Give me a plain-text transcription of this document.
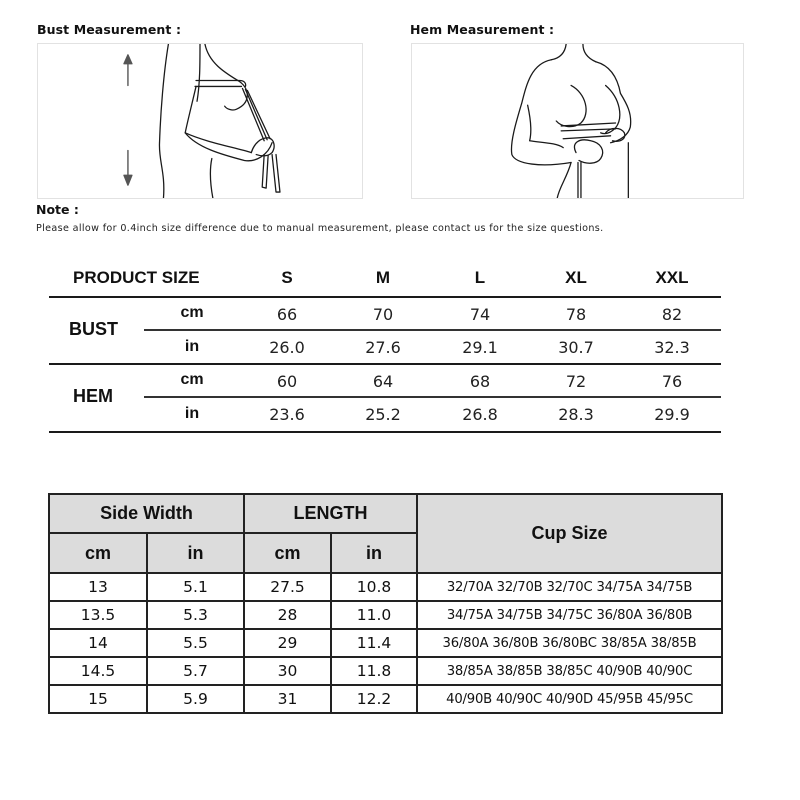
Bust Measurement :	Hem Measurement :
Note :
Please allow for 0.4inch size difference due to manual measurement, please contact us for the size questions.
PRODUCT SIZE	S	M	L	XL	XXL
BUST
cm	66	70	74	78	82
in	26.0	27.6	29.1	30.7	32.3
HEM
cm	60	64	68	72	76
in	23.6	25.2	26.8	28.3	29.9
Side Width		LENGTH		Cup Size
cm	in	cm	in	
13	5.1	27.5	10.8	32/70A 32/70B 32/70C 34/75A 34/75B
13.5	5.3	28	11.0	34/75A 34/75B 34/75C 36/80A 36/80B
14	5.5	29	11.4	36/80A 36/80B 36/80BC 38/85A 38/85B
14.5	5.7	30	11.8	38/85A 38/85B 38/85C 40/90B 40/90C
15	5.9	31	12.2	40/90B 40/90C 40/90D 45/95B 45/95C
